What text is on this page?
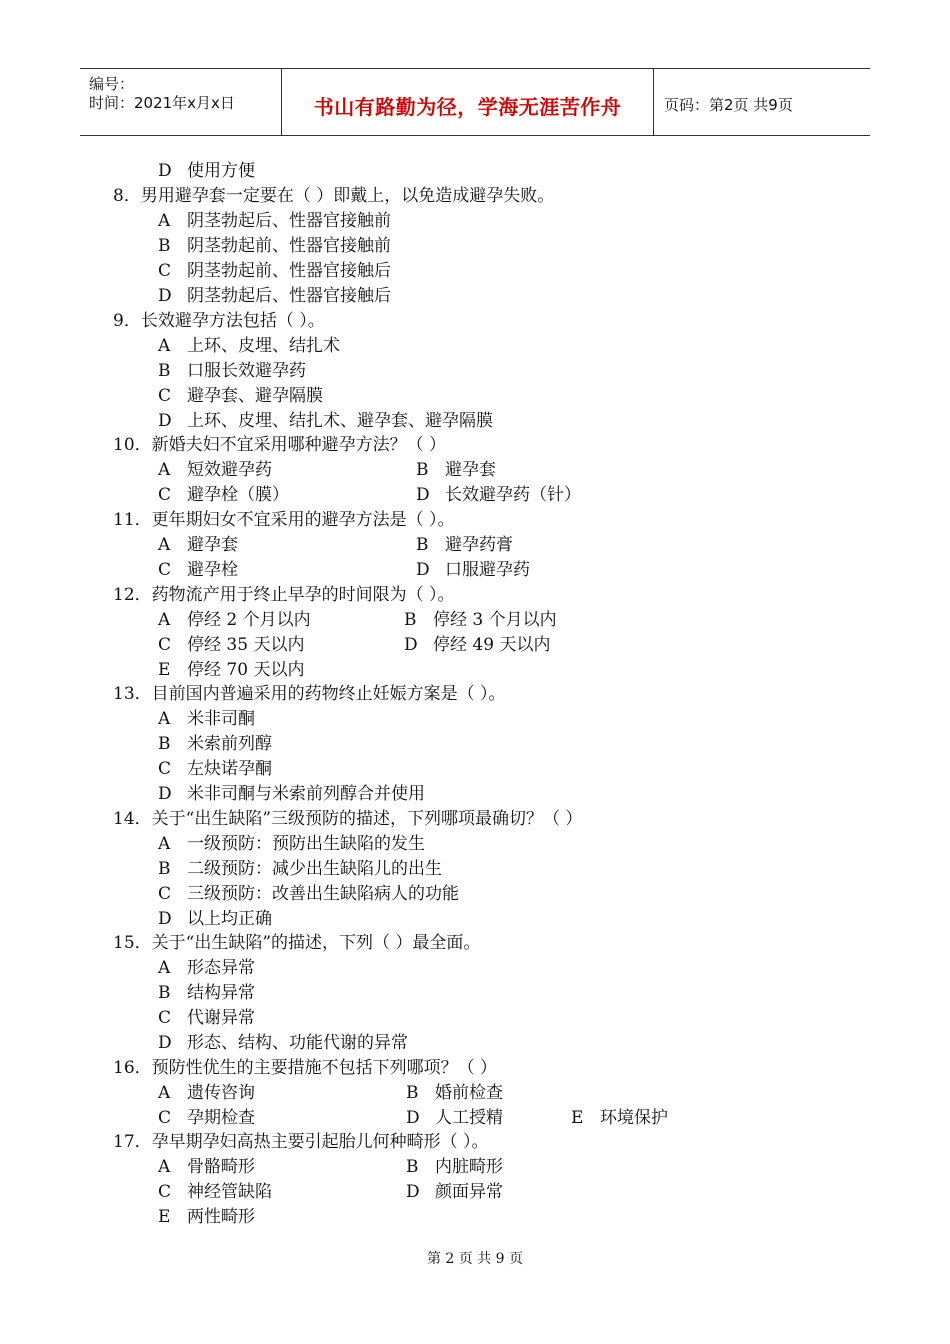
编号：
时间：2021年x月x日	书山有路勤为径，学海无涯苦作舟	页码：第2页 共9页
D 使用方便
8．男用避孕套一定要在（ ）即戴上，以免造成避孕失败。
A 阴茎勃起后、性器官接触前
B 阴茎勃起前、性器官接触前
C 阴茎勃起前、性器官接触后
D 阴茎勃起后、性器官接触后
9．长效避孕方法包括（ ）。
A 上环、皮埋、结扎术
B 口服长效避孕药
C 避孕套、避孕隔膜
D 上环、皮埋、结扎术、避孕套、避孕隔膜
10．新婚夫妇不宜采用哪种避孕方法？（ ）
A 短效避孕药	B 避孕套
C 避孕栓（膜）	D 长效避孕药（针）
11．更年期妇女不宜采用的避孕方法是（ ）。
A 避孕套	B 避孕药膏
C 避孕栓	D 口服避孕药
12．药物流产用于终止早孕的时间限为（ ）。
A 停经 2 个月以内	B 停经 3 个月以内
C 停经 35 天以内	D 停经 49 天以内
E 停经 70 天以内
13．目前国内普遍采用的药物终止妊娠方案是（ ）。
A 米非司酮
B 米索前列醇
C 左炔诺孕酮
D 米非司酮与米索前列醇合并使用
14．关于“出生缺陷”三级预防的描述，下列哪项最确切？（ ）
A 一级预防：预防出生缺陷的发生
B 二级预防：减少出生缺陷儿的出生
C 三级预防：改善出生缺陷病人的功能
D 以上均正确
15．关于“出生缺陷”的描述，下列（ ）最全面。
A 形态异常
B 结构异常
C 代谢异常
D 形态、结构、功能代谢的异常
16．预防性优生的主要措施不包括下列哪项？（ ）
A 遗传咨询	B 婚前检查
C 孕期检查	D 人工授精	E 环境保护
17．孕早期孕妇高热主要引起胎儿何种畸形（ ）。
A 骨骼畸形	B 内脏畸形
C 神经管缺陷	D 颜面异常
E 两性畸形
第 2 页 共 9 页
